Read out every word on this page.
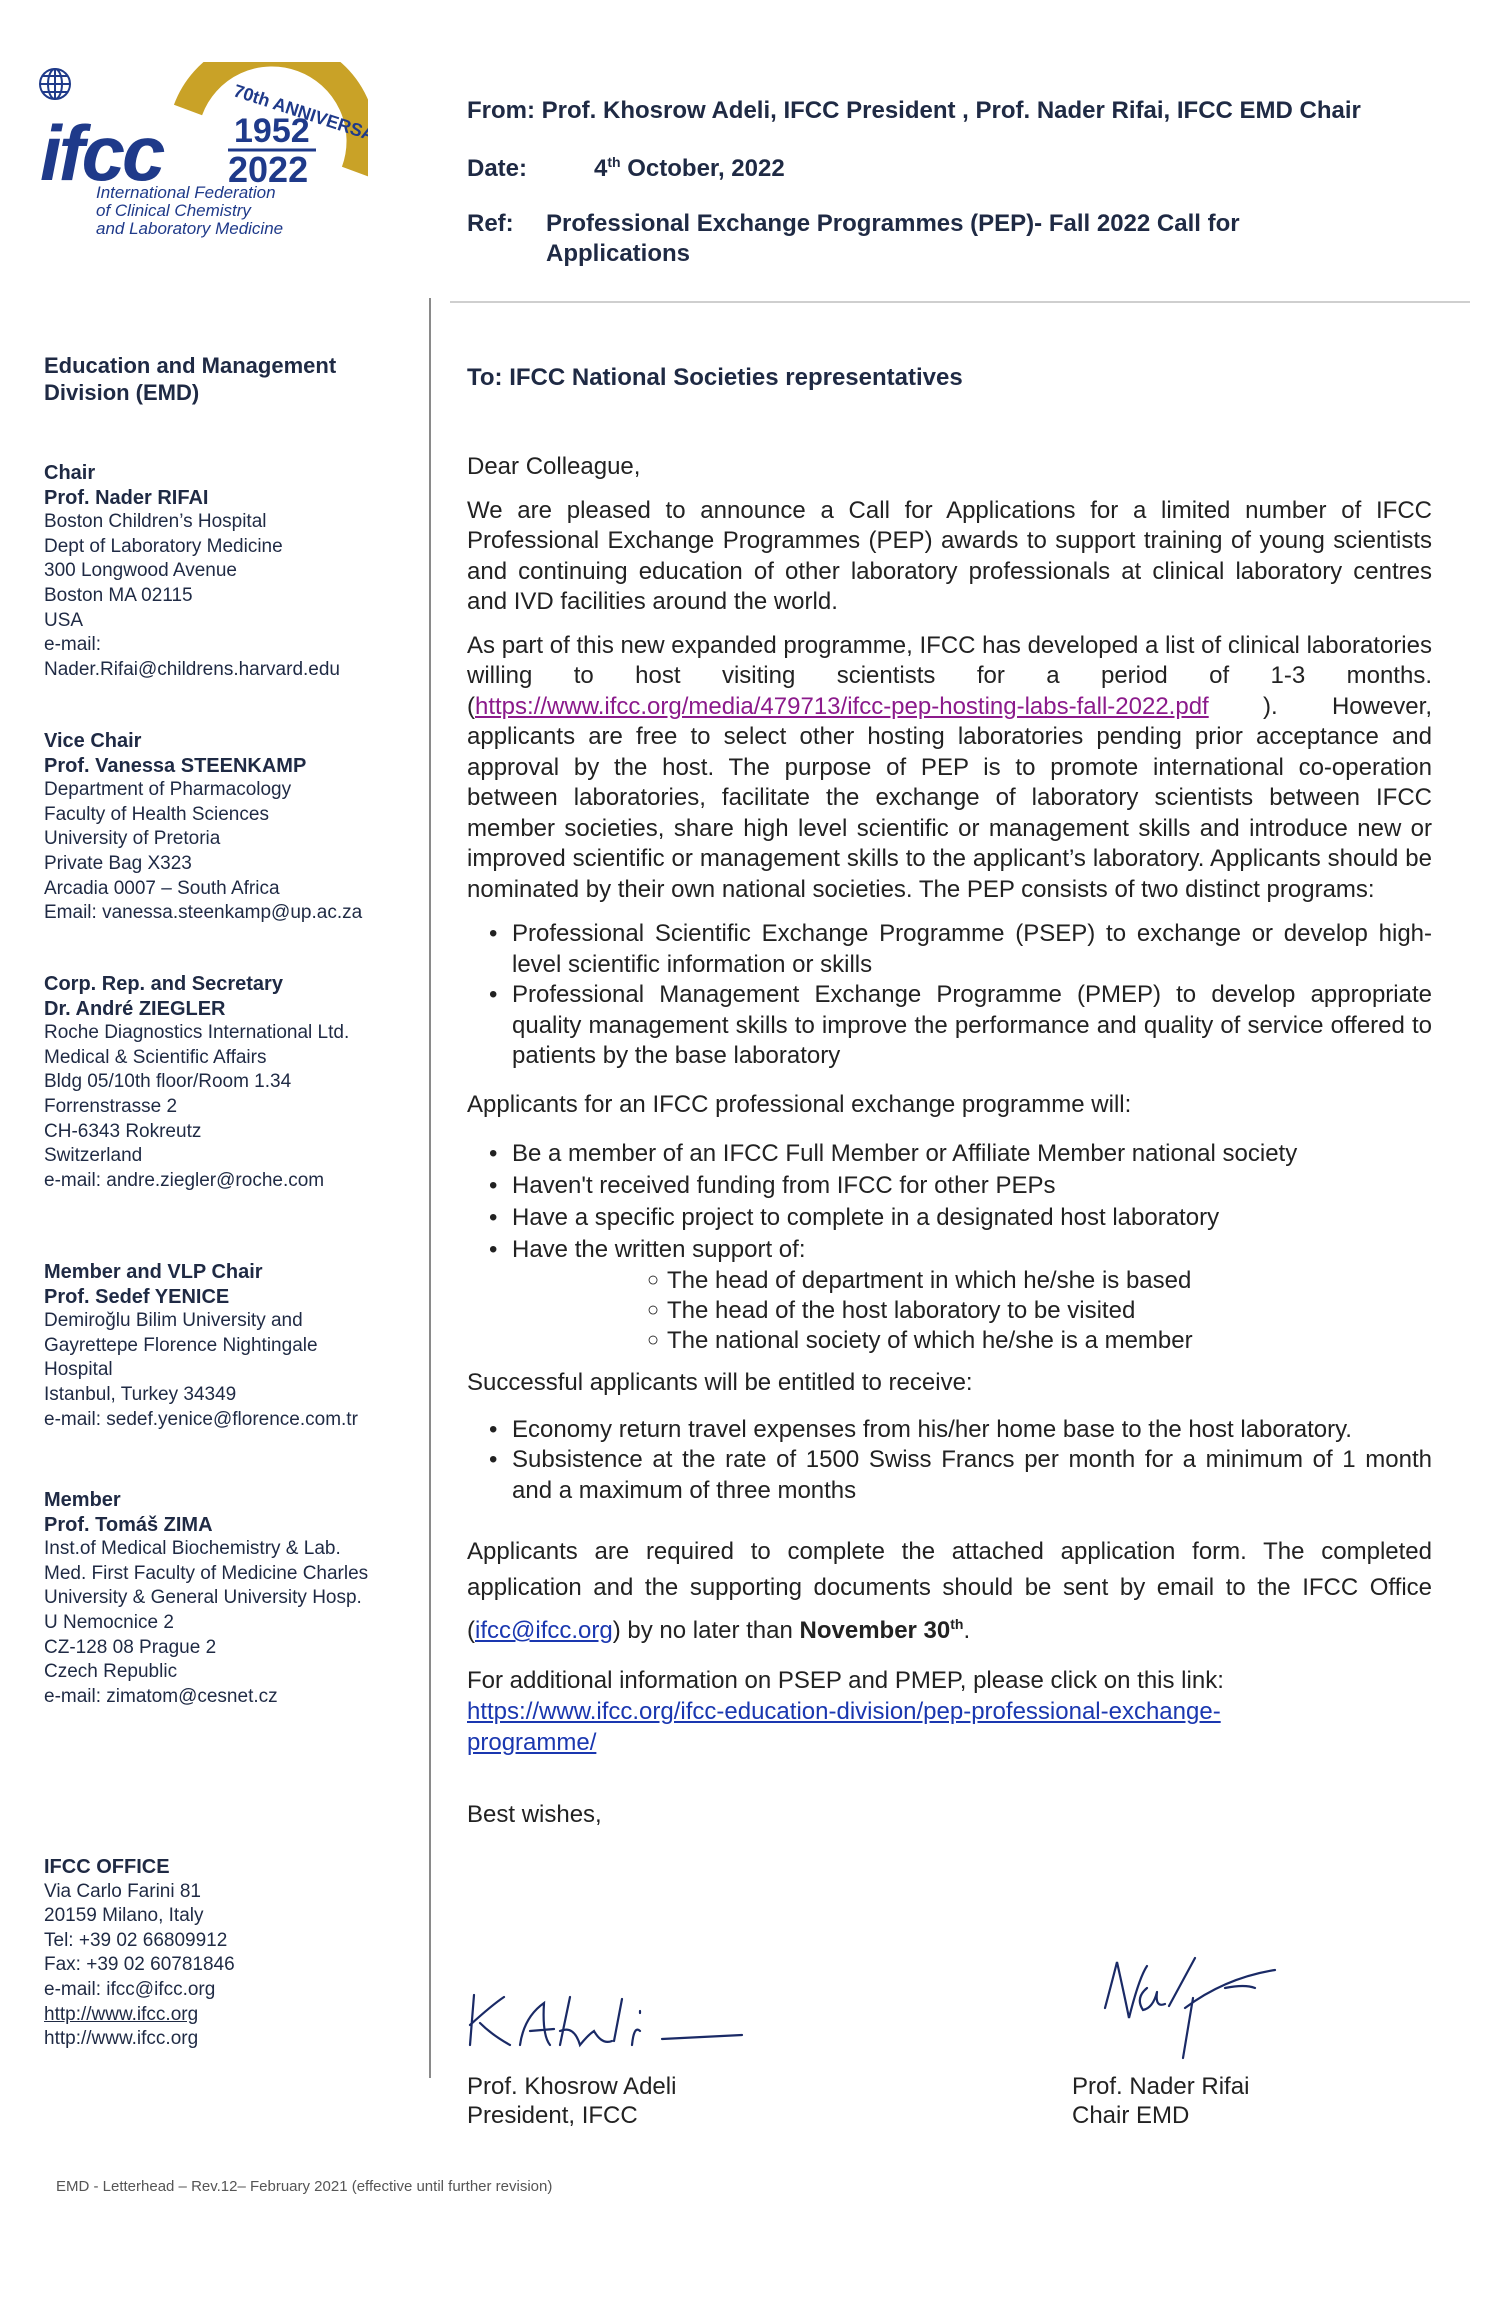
70th ANNIVERSARY
ifcc 1952
2022
International Federation
of Clinical Chemistry
and Laboratory Medicine
From: Prof. Khosrow Adeli, IFCC President , Prof. Nader Rifai, IFCC EMD Chair
Date:	4th October, 2022
Ref: Professional Exchange Programmes (PEP)- Fall 2022 Call for
Applications
Education and Management
Division (EMD)
Chair
Prof. Nader RIFAI
Boston Children’s Hospital
Dept of Laboratory Medicine
300 Longwood Avenue
Boston MA 02115
USA
e-mail:
Nader.Rifai@childrens.harvard.edu
Vice Chair
Prof. Vanessa STEENKAMP
Department of Pharmacology
Faculty of Health Sciences
University of Pretoria
Private Bag X323
Arcadia 0007 – South Africa
Email: vanessa.steenkamp@up.ac.za
Corp. Rep. and Secretary
Dr. André ZIEGLER
Roche Diagnostics International Ltd.
Medical & Scientific Affairs
Bldg 05/10th floor/Room 1.34
Forrenstrasse 2
CH-6343 Rokreutz
Switzerland
e-mail: andre.ziegler@roche.com
Member and VLP Chair
Prof. Sedef YENICE
Demiroğlu Bilim University and
Gayrettepe Florence Nightingale
Hospital
Istanbul, Turkey 34349
e-mail: sedef.yenice@florence.com.tr
Member
Prof. Tomáš ZIMA
Inst.of Medical Biochemistry & Lab.
Med. First Faculty of Medicine Charles
University & General University Hosp.
U Nemocnice 2
CZ-128 08 Prague 2
Czech Republic
e-mail: zimatom@cesnet.cz
IFCC OFFICE
Via Carlo Farini 81
20159 Milano, Italy
Tel: +39 02 66809912
Fax: +39 02 60781846
e-mail: ifcc@ifcc.org
http://www.ifcc.org
http://www.ifcc.org
To: IFCC National Societies representatives

Dear Colleague,

We are pleased to announce a Call for Applications for a limited number of IFCC Professional Exchange Programmes (PEP) awards to support training of young scientists and continuing education of other laboratory professionals at clinical laboratory centres and IVD facilities around the world.

As part of this new expanded programme, IFCC has developed a list of clinical laboratories willing to host visiting scientists for a period of 1-3 months. (https://www.ifcc.org/media/479713/ifcc-pep-hosting-labs-fall-2022.pdf ). However, applicants are free to select other hosting laboratories pending prior acceptance and approval by the host. The purpose of PEP is to promote international co-operation between laboratories, facilitate the exchange of laboratory scientists between IFCC member societies, share high level scientific or management skills and introduce new or improved scientific or management skills to the applicant’s laboratory. Applicants should be nominated by their own national societies. The PEP consists of two distinct programs:

• Professional Scientific Exchange Programme (PSEP) to exchange or develop high-level scientific information or skills
• Professional Management Exchange Programme (PMEP) to develop appropriate quality management skills to improve the performance and quality of service offered to patients by the base laboratory

Applicants for an IFCC professional exchange programme will:

• Be a member of an IFCC Full Member or Affiliate Member national society
• Haven't received funding from IFCC for other PEPs
• Have a specific project to complete in a designated host laboratory
• Have the written support of:
○ The head of department in which he/she is based
○ The head of the host laboratory to be visited
○ The national society of which he/she is a member

Successful applicants will be entitled to receive:

• Economy return travel expenses from his/her home base to the host laboratory.
• Subsistence at the rate of 1500 Swiss Francs per month for a minimum of 1 month and a maximum of three months

Applicants are required to complete the attached application form. The completed application and the supporting documents should be sent by email to the IFCC Office (ifcc@ifcc.org) by no later than November 30th.

For additional information on PSEP and PMEP, please click on this link:
https://www.ifcc.org/ifcc-education-division/pep-professional-exchange-
programme/

Best wishes,

Prof. Khosrow Adeli
President, IFCC
Prof. Nader Rifai
Chair EMD
EMD - Letterhead – Rev.12– February 2021 (effective until further revision)
